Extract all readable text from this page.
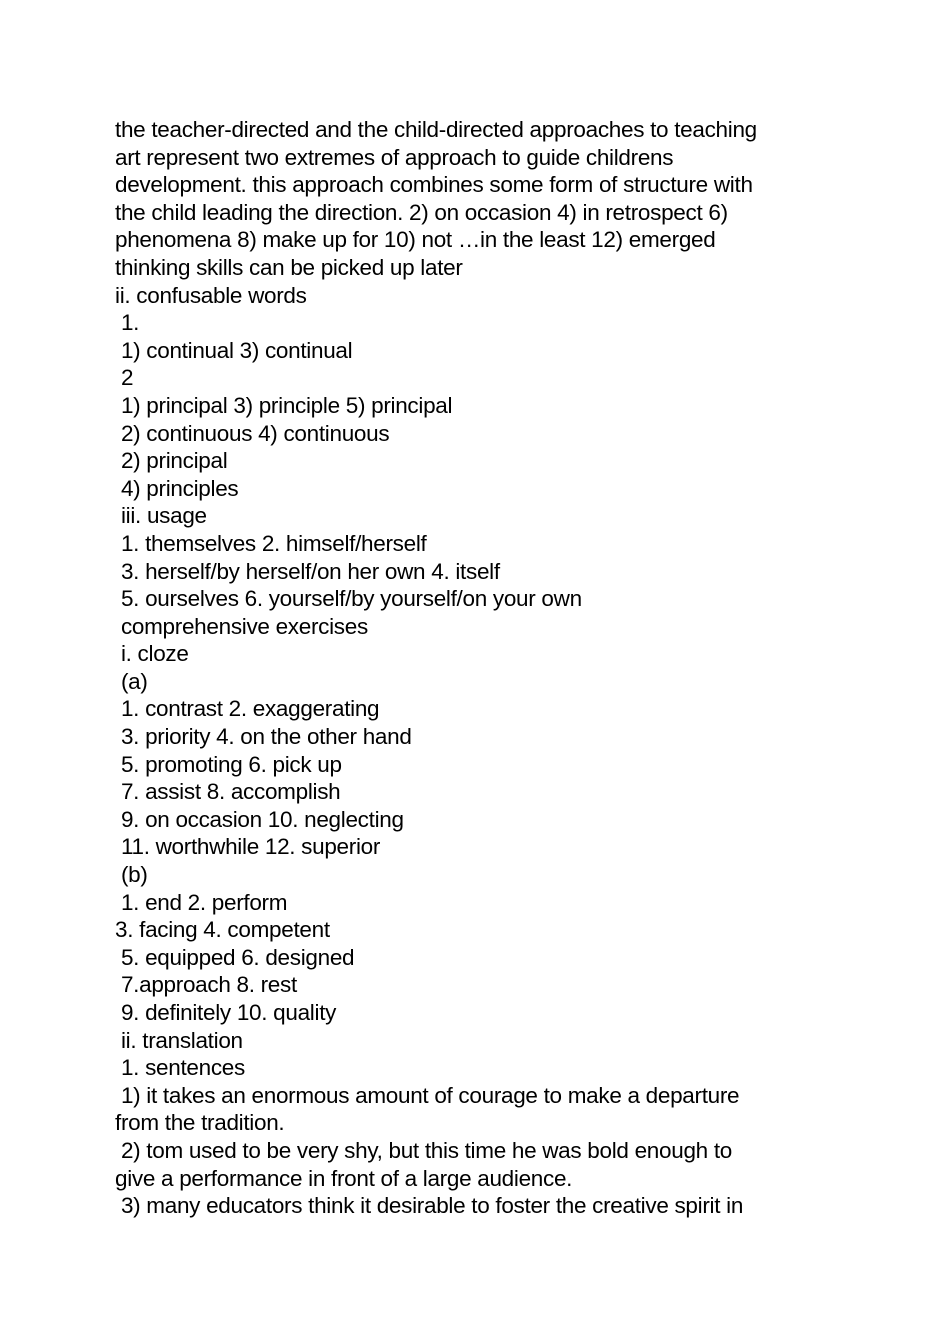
the teacher-directed and the child-directed approaches to teaching
art represent two extremes of approach to guide childrens
development. this approach combines some form of structure with
the child leading the direction. 2) on occasion 4) in retrospect 6)
phenomena 8) make up for 10) not …in the least 12) emerged
thinking skills can be picked up later
ii. confusable words
1.
1) continual 3) continual
2
1) principal 3) principle 5) principal
2) continuous 4) continuous
2) principal
4) principles
iii. usage
1. themselves 2. himself/herself
3. herself/by herself/on her own 4. itself
5. ourselves 6. yourself/by yourself/on your own
comprehensive exercises
i. cloze
(a)
1. contrast 2. exaggerating
3. priority 4. on the other hand
5. promoting 6. pick up
7. assist 8. accomplish
9. on occasion 10. neglecting
11. worthwhile 12. superior
(b)
1. end 2. perform
3. facing 4. competent
5. equipped 6. designed
7.approach 8. rest
9. definitely 10. quality
ii. translation
1. sentences
1) it takes an enormous amount of courage to make a departure
from the tradition.
2) tom used to be very shy, but this time he was bold enough to
give a performance in front of a large audience.
3) many educators think it desirable to foster the creative spirit in
